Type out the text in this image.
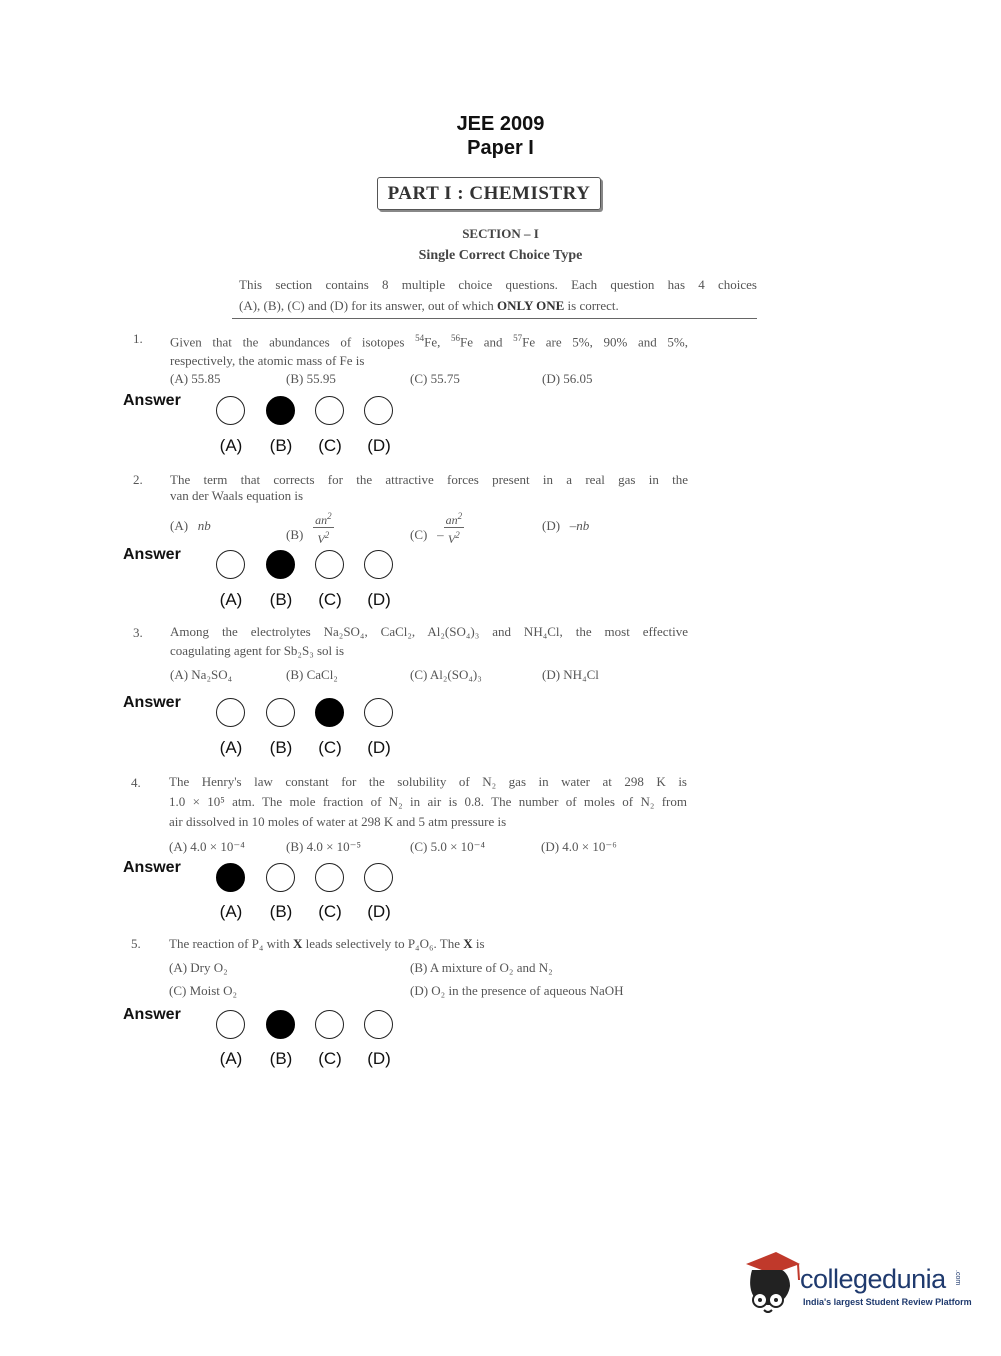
JEE 2009
Paper I
PART I : CHEMISTRY
SECTION – I
Single Correct Choice Type
This section contains 8 multiple choice questions. Each question has 4 choices
(A), (B), (C) and (D) for its answer, out of which ONLY ONE is correct.
1. Given that the abundances of isotopes $^{54}$Fe, $^{56}$Fe and $^{57}$Fe are 5%, 90% and 5%,
respectively, the atomic mass of Fe is
(A) 55.85	(B) 55.95	(C) 55.75	(D) 56.05
Answer
(A)	(B)	(C)	(D)
2. The term that corrects for the attractive forces present in a real gas in the
van der Waals equation is
(A) nb
$(B) \frac{an^2}{V^2}$	$(C) - \frac{an^2}{V^2}$	(D) –nb
Answer
(A)	(B)	(C)	(D)
3. Among the electrolytes Na₂SO₄, CaCl₂, Al₂(SO₄)₃ and NH₄Cl, the most effective
coagulating agent for Sb₂S₃ sol is
(A) Na₂SO₄	(B) CaCl₂	(C) Al₂(SO₄)₃	(D) NH₄Cl
Answer
(A)	(B)	(C)	(D)
4. The Henry's law constant for the solubility of N₂ gas in water at 298 K is
1.0 × 10⁵ atm. The mole fraction of N₂ in air is 0.8. The number of moles of N₂ from
air dissolved in 10 moles of water at 298 K and 5 atm pressure is
(A) 4.0 × 10⁻⁴	(B) 4.0 × 10⁻⁵	(C) 5.0 × 10⁻⁴	(D) 4.0 × 10⁻⁶
Answer
(A)	(B)	(C)	(D)
5. The reaction of P₄ with X leads selectively to P₄O₆. The X is
(A) Dry O₂	(B) A mixture of O₂ and N₂
(C) Moist O₂	(D) O₂ in the presence of aqueous NaOH
Answer
(A)	(B)	(C)	(D)
collegedunia .com
India's largest Student Review Platform
